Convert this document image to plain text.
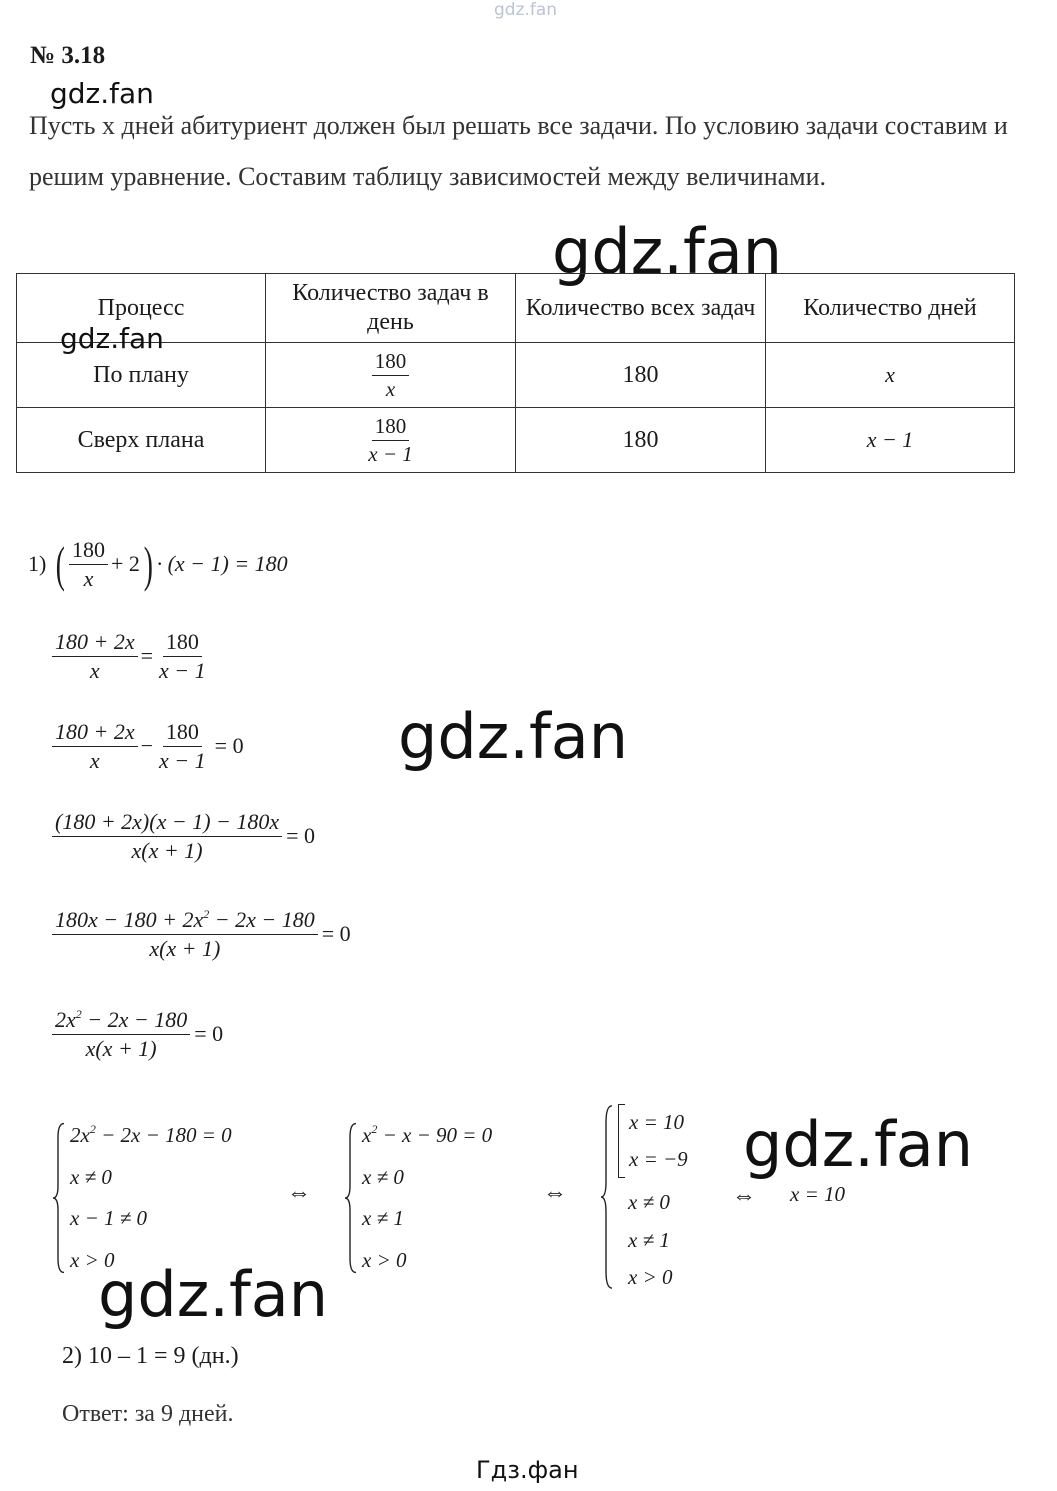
gdz.fan
№ 3.18
gdz.fan
Пусть x дней абитуриент должен был решать все задачи. По условию задачи составим и решим уравнение. Составим таблицу зависимостей между величинами.
gdz.fan
Процесс	Количество задач в день	Количество всех задач	Количество дней
По плану	$\frac{180}{x}$	180	x
Сверх плана	$\frac{180}{x - 1}$	180	x − 1
gdz.fan
1) ( $\frac{180}{x} + 2$ ) · (x − 1) = 180
$\frac{180 + 2x}{x} = \frac{180}{x - 1}$
$\frac{180 + 2x}{x} - \frac{180}{x - 1} = 0$ gdz.fan
$\frac{(180 + 2x)(x - 1) - 180x}{x(x + 1)} = 0$
$\frac{180x - 180 + 2x^2 - 2x - 180}{x(x + 1)} = 0$
$\frac{2x^2 - 2x - 180}{x(x + 1)} = 0$
$2x^2 - 2x - 180 = 0$
x ≠ 0
x − 1 ≠ 0
x > 0
⇔
$x^2 - x - 90 = 0$
x ≠ 0
x ≠ 1
x > 0
⇔
x = 10
x = −9
x ≠ 0
x ≠ 1
x > 0
⇔ x = 10
gdz.fan
gdz.fan
2) 10 – 1 = 9 (дн.)
Ответ: за 9 дней.
Гдз.фан
